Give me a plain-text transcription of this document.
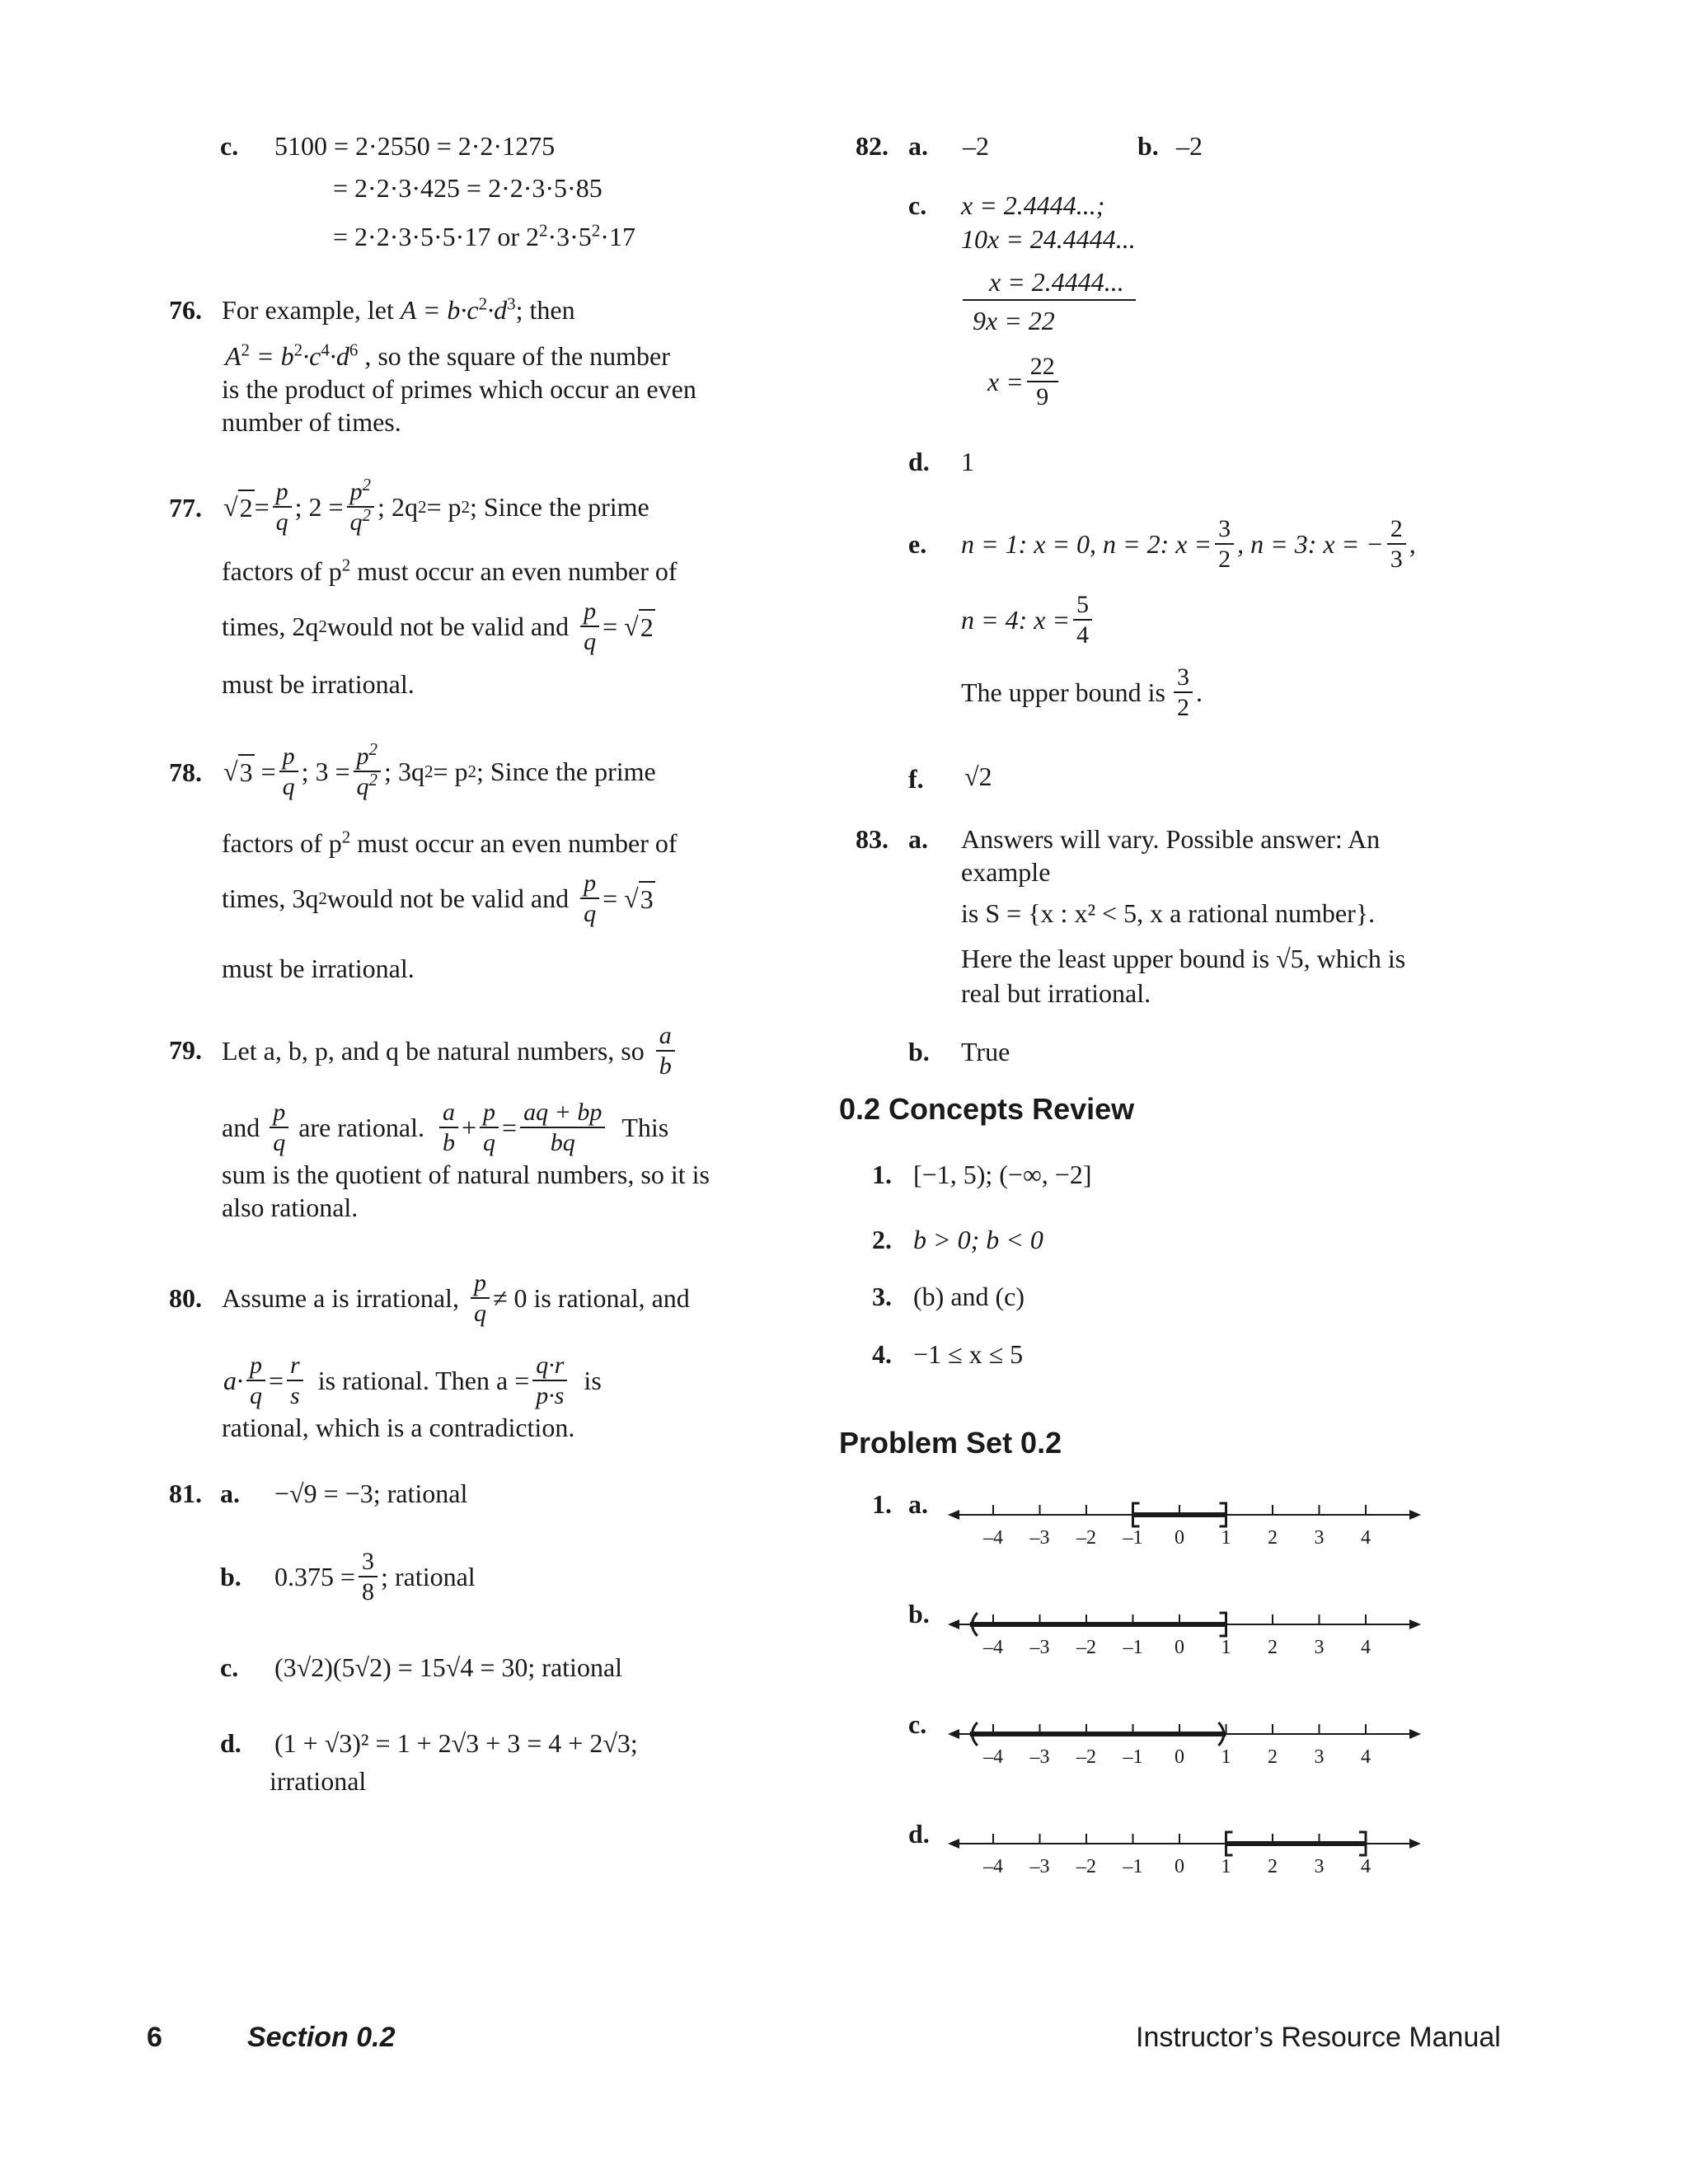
c. 5100 = 2·2550 = 2·2·1275
= 2·2·3·425 = 2·2·3·5·85
= 2·2·3·5·5·17 or $2^2\cdot 3\cdot 5^2\cdot 17$
76. For example, let $A = b\cdot c^2\cdot d^3$; then
$A^2 = b^2\cdot c^4\cdot d^6$ , so the square of the number
is the product of primes which occur an even
number of times.
77. √ $2 = \frac{p}{q}$ ; $2 = \frac{p^2}{q^2}$ ; 2q 2 = p 2 ; Since the prime
factors of $p^2$ must occur an even number of
times, 2q 2 would not be valid and $\frac{p}{q}$ = √ 2
must be irrational.
78. √ $3 = \frac{p}{q}$ ; $3 = \frac{p^2}{q^2}$ ; 3q 2 = p 2 ; Since the prime
factors of $p^2$ must occur an even number of
times, 3q 2 would not be valid and $\frac{p}{q}$ = √ 3
must be irrational.
79. Let a, b, p, and q be natural numbers, so $\frac{a}{b}$
and $\frac{p}{q}$ are rational. $\frac{a}{b} + \frac{p}{q} = \frac{aq + bp}{bq}$ This
sum is the quotient of natural numbers, so it is
also rational.
80. Assume a is irrational, $\frac{p}{q} \ne 0$ is rational, and
$a\cdot \frac{p}{q} = \frac{r}{s}$ is rational. Then $a = \frac{q\cdot r}{p\cdot s}$ is
rational, which is a contradiction.
81. a. −√9 = −3; rational
b. $0.375 = \frac{3}{8}$ ; rational
c. (3√2)(5√2) = 15√4 = 30; rational
d. (1 + √3)² = 1 + 2√3 + 3 = 4 + 2√3;
irrational
82. a. –2	b. –2
c. x = 2.4444...;
10x = 24.4444...
x = 2.4444...
9x = 22
$x = \frac{22}{9}$
d. 1
e. n = 1: x = 0, n = 2: $x = \frac{3}{2}$ , n = 3: x = − $\frac{2}{3}$ ,
n = 4: $x = \frac{5}{4}$
The upper bound is $\frac{3}{2}$ .
f. √2
83. a. Answers will vary. Possible answer: An
example
is S = {x : x² < 5, x a rational number}.
Here the least upper bound is √5, which is
real but irrational.
b. True
0.2 Concepts Review
1. [−1, 5); (−∞, −2]
2. b > 0; b < 0
3. (b) and (c)
4. −1 ≤ x ≤ 5
Problem Set 0.2
1. a.
b.
c.
d.
–4 –3 –2 –1 0 1 2 3 4
–4 –3 –2 –1 0 1 2 3 4
–4 –3 –2 –1 0 1 2 3 4
–4 –3 –2 –1 0 1 2 3 4
6	Section 0.2	Instructor’s Resource Manual
